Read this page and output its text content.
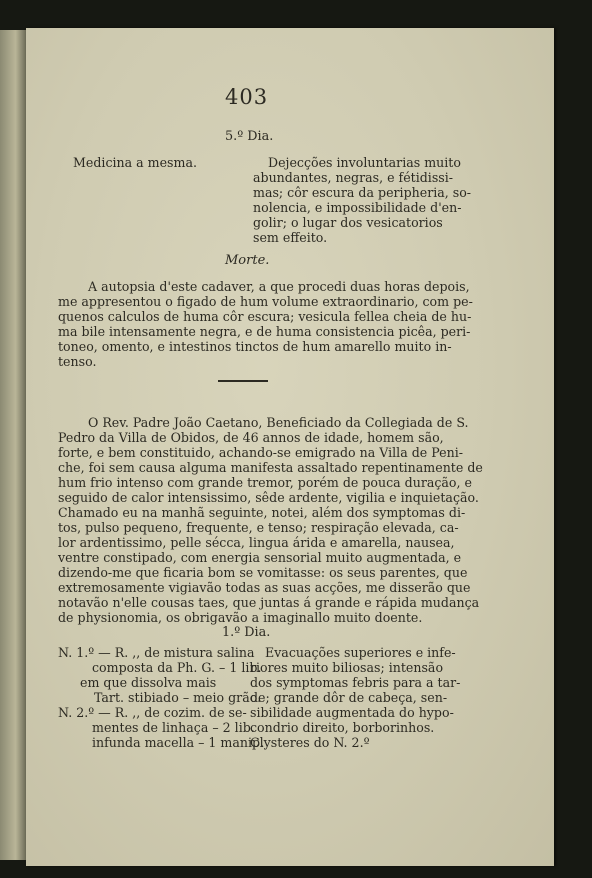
403
5.º Dia.
Medicina a mesma.	Dejecções involuntarias muito
abundantes, negras, e fétidissi-
mas; côr escura da peripheria, so-
nolencia, e impossibilidade d'en-
golir; o lugar dos vesicatorios
sem effeito.
Morte.
A autopsia d'este cadaver, a que procedi duas horas depois,
me appresentou o figado de hum volume extraordinario, com pe-
quenos calculos de huma côr escura; vesicula fellea cheia de hu-
ma bile intensamente negra, e de huma consistencia picêa, peri-
toneo, omento, e intestinos tinctos de hum amarello muito in-
tenso.
O Rev. Padre João Caetano, Beneficiado da Collegiada de S.
Pedro da Villa de Obidos, de 46 annos de idade, homem são,
forte, e bem constituido, achando-se emigrado na Villa de Peni-
che, foi sem causa alguma manifesta assaltado repentinamente de
hum frio intenso com grande tremor, porém de pouca duração, e
seguido de calor intensissimo, sêde ardente, vigilia e inquietação.
Chamado eu na manhã seguinte, notei, além dos symptomas di-
tos, pulso pequeno, frequente, e tenso; respiração elevada, ca-
lor ardentissimo, pelle sécca, lingua árida e amarella, nausea,
ventre constipado, com energia sensorial muito augmentada, e
dizendo-me que ficaria bom se vomitasse: os seus parentes, que
extremosamente vigiavão todas as suas acções, me disserão que
notavão n'elle cousas taes, que juntas á grande e rápida mudança
de physionomia, os obrigavão a imaginallo muito doente.
1.º Dia.
N. 1.º — R. ,, de mistura salina
composta da Ph. G. – 1 lib.
em que dissolva mais
Tart. stibiado – meio grão.
N. 2.º — R. ,, de cozim. de se-
mentes de linhaça – 2 lib.
infunda macella – 1 manip.
Evacuações superiores e infe-
riores muito biliosas; intensão
dos symptomas febris para a tar-
de; grande dôr de cabeça, sen-
sibilidade augmentada do hypo-
condrio direito, borborinhos.
Clysteres do N. 2.º
